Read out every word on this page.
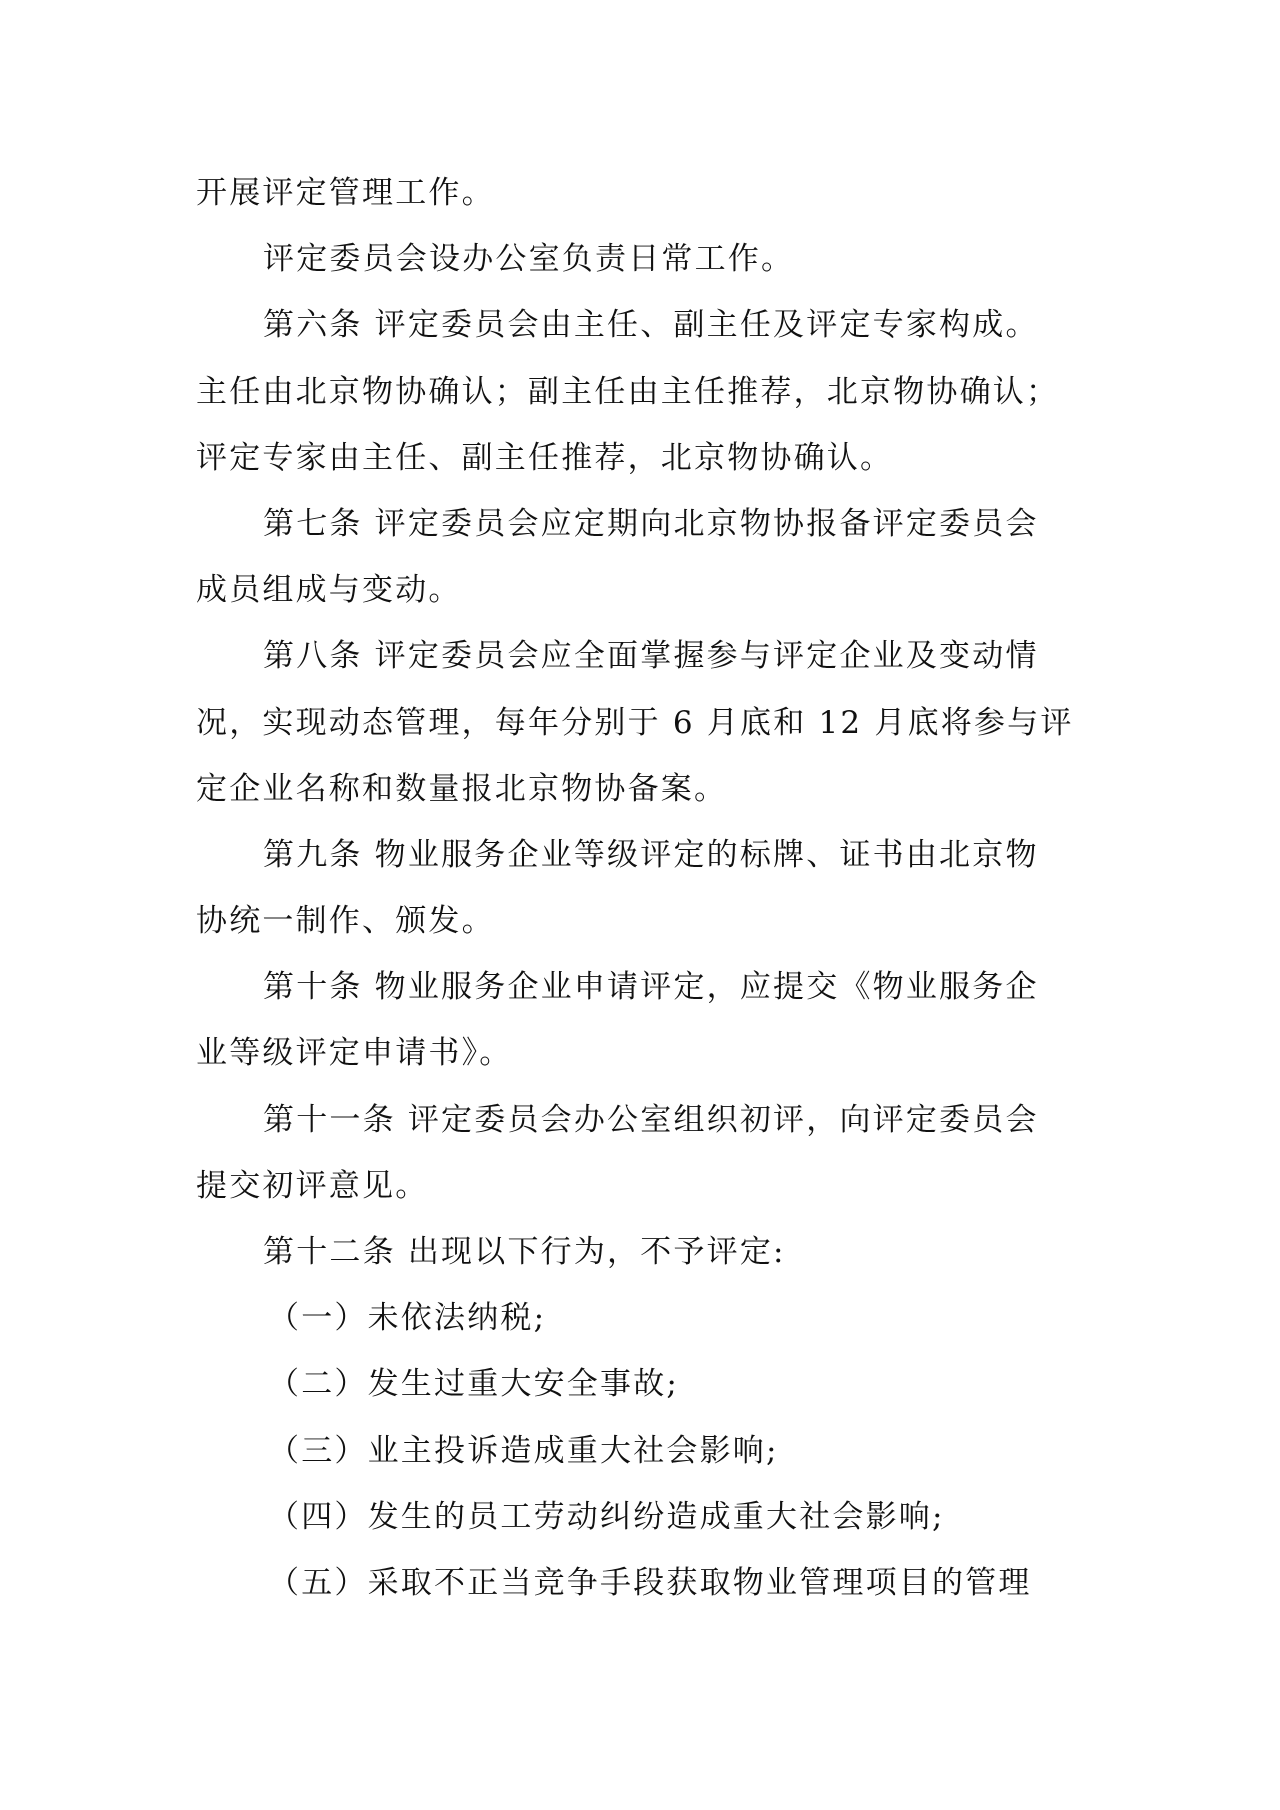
开展评定管理工作。
评定委员会设办公室负责日常工作。
第六条 评定委员会由主任、副主任及评定专家构成。
主任由北京物协确认；副主任由主任推荐，北京物协确认；
评定专家由主任、副主任推荐，北京物协确认。
第七条 评定委员会应定期向北京物协报备评定委员会
成员组成与变动。
第八条 评定委员会应全面掌握参与评定企业及变动情
况，实现动态管理，每年分别于 6 月底和 12 月底将参与评
定企业名称和数量报北京物协备案。
第九条 物业服务企业等级评定的标牌、证书由北京物
协统一制作、颁发。
第十条 物业服务企业申请评定，应提交《物业服务企
业等级评定申请书》。
第十一条 评定委员会办公室组织初评，向评定委员会
提交初评意见。
第十二条 出现以下行为，不予评定:
（一）未依法纳税;
（二）发生过重大安全事故;
（三）业主投诉造成重大社会影响;
（四）发生的员工劳动纠纷造成重大社会影响;
（五）采取不正当竞争手段获取物业管理项目的管理
